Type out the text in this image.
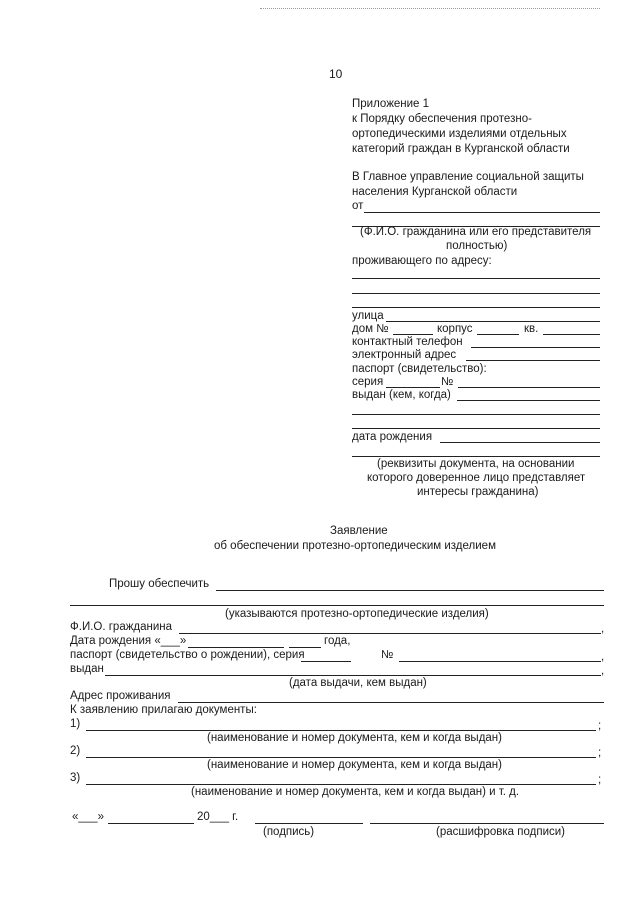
10
Приложение 1
к Порядку обеспечения протезно-
ортопедическими изделиями отдельных
категорий граждан в Курганской области
В Главное управление социальной защиты
населения Курганской области
от
(Ф.И.О. гражданина или его представителя
полностью)
проживающего по адресу:
улица
дом №	корпус	кв.
контактный телефон
электронный адрес
паспорт (свидетельство):
серия	№
выдан (кем, когда)
дата рождения
(реквизиты документа, на основании
которого доверенное лицо представляет
интересы гражданина)
Заявление
об обеспечении протезно-ортопедическим изделием
Прошу обеспечить
(указываются протезно-ортопедические изделия)
Ф.И.О. гражданина	,
Дата рождения «___»	года,
паспорт (свидетельство о рождении), серия	№	,
выдан	,
(дата выдачи, кем выдан)
Адрес проживания
К заявлению прилагаю документы:
1)	;
(наименование и номер документа, кем и когда выдан)
2)	;
(наименование и номер документа, кем и когда выдан)
3)	;
(наименование и номер документа, кем и когда выдан) и т. д.
«___»	20___ г.
(подпись)	(расшифровка подписи)
